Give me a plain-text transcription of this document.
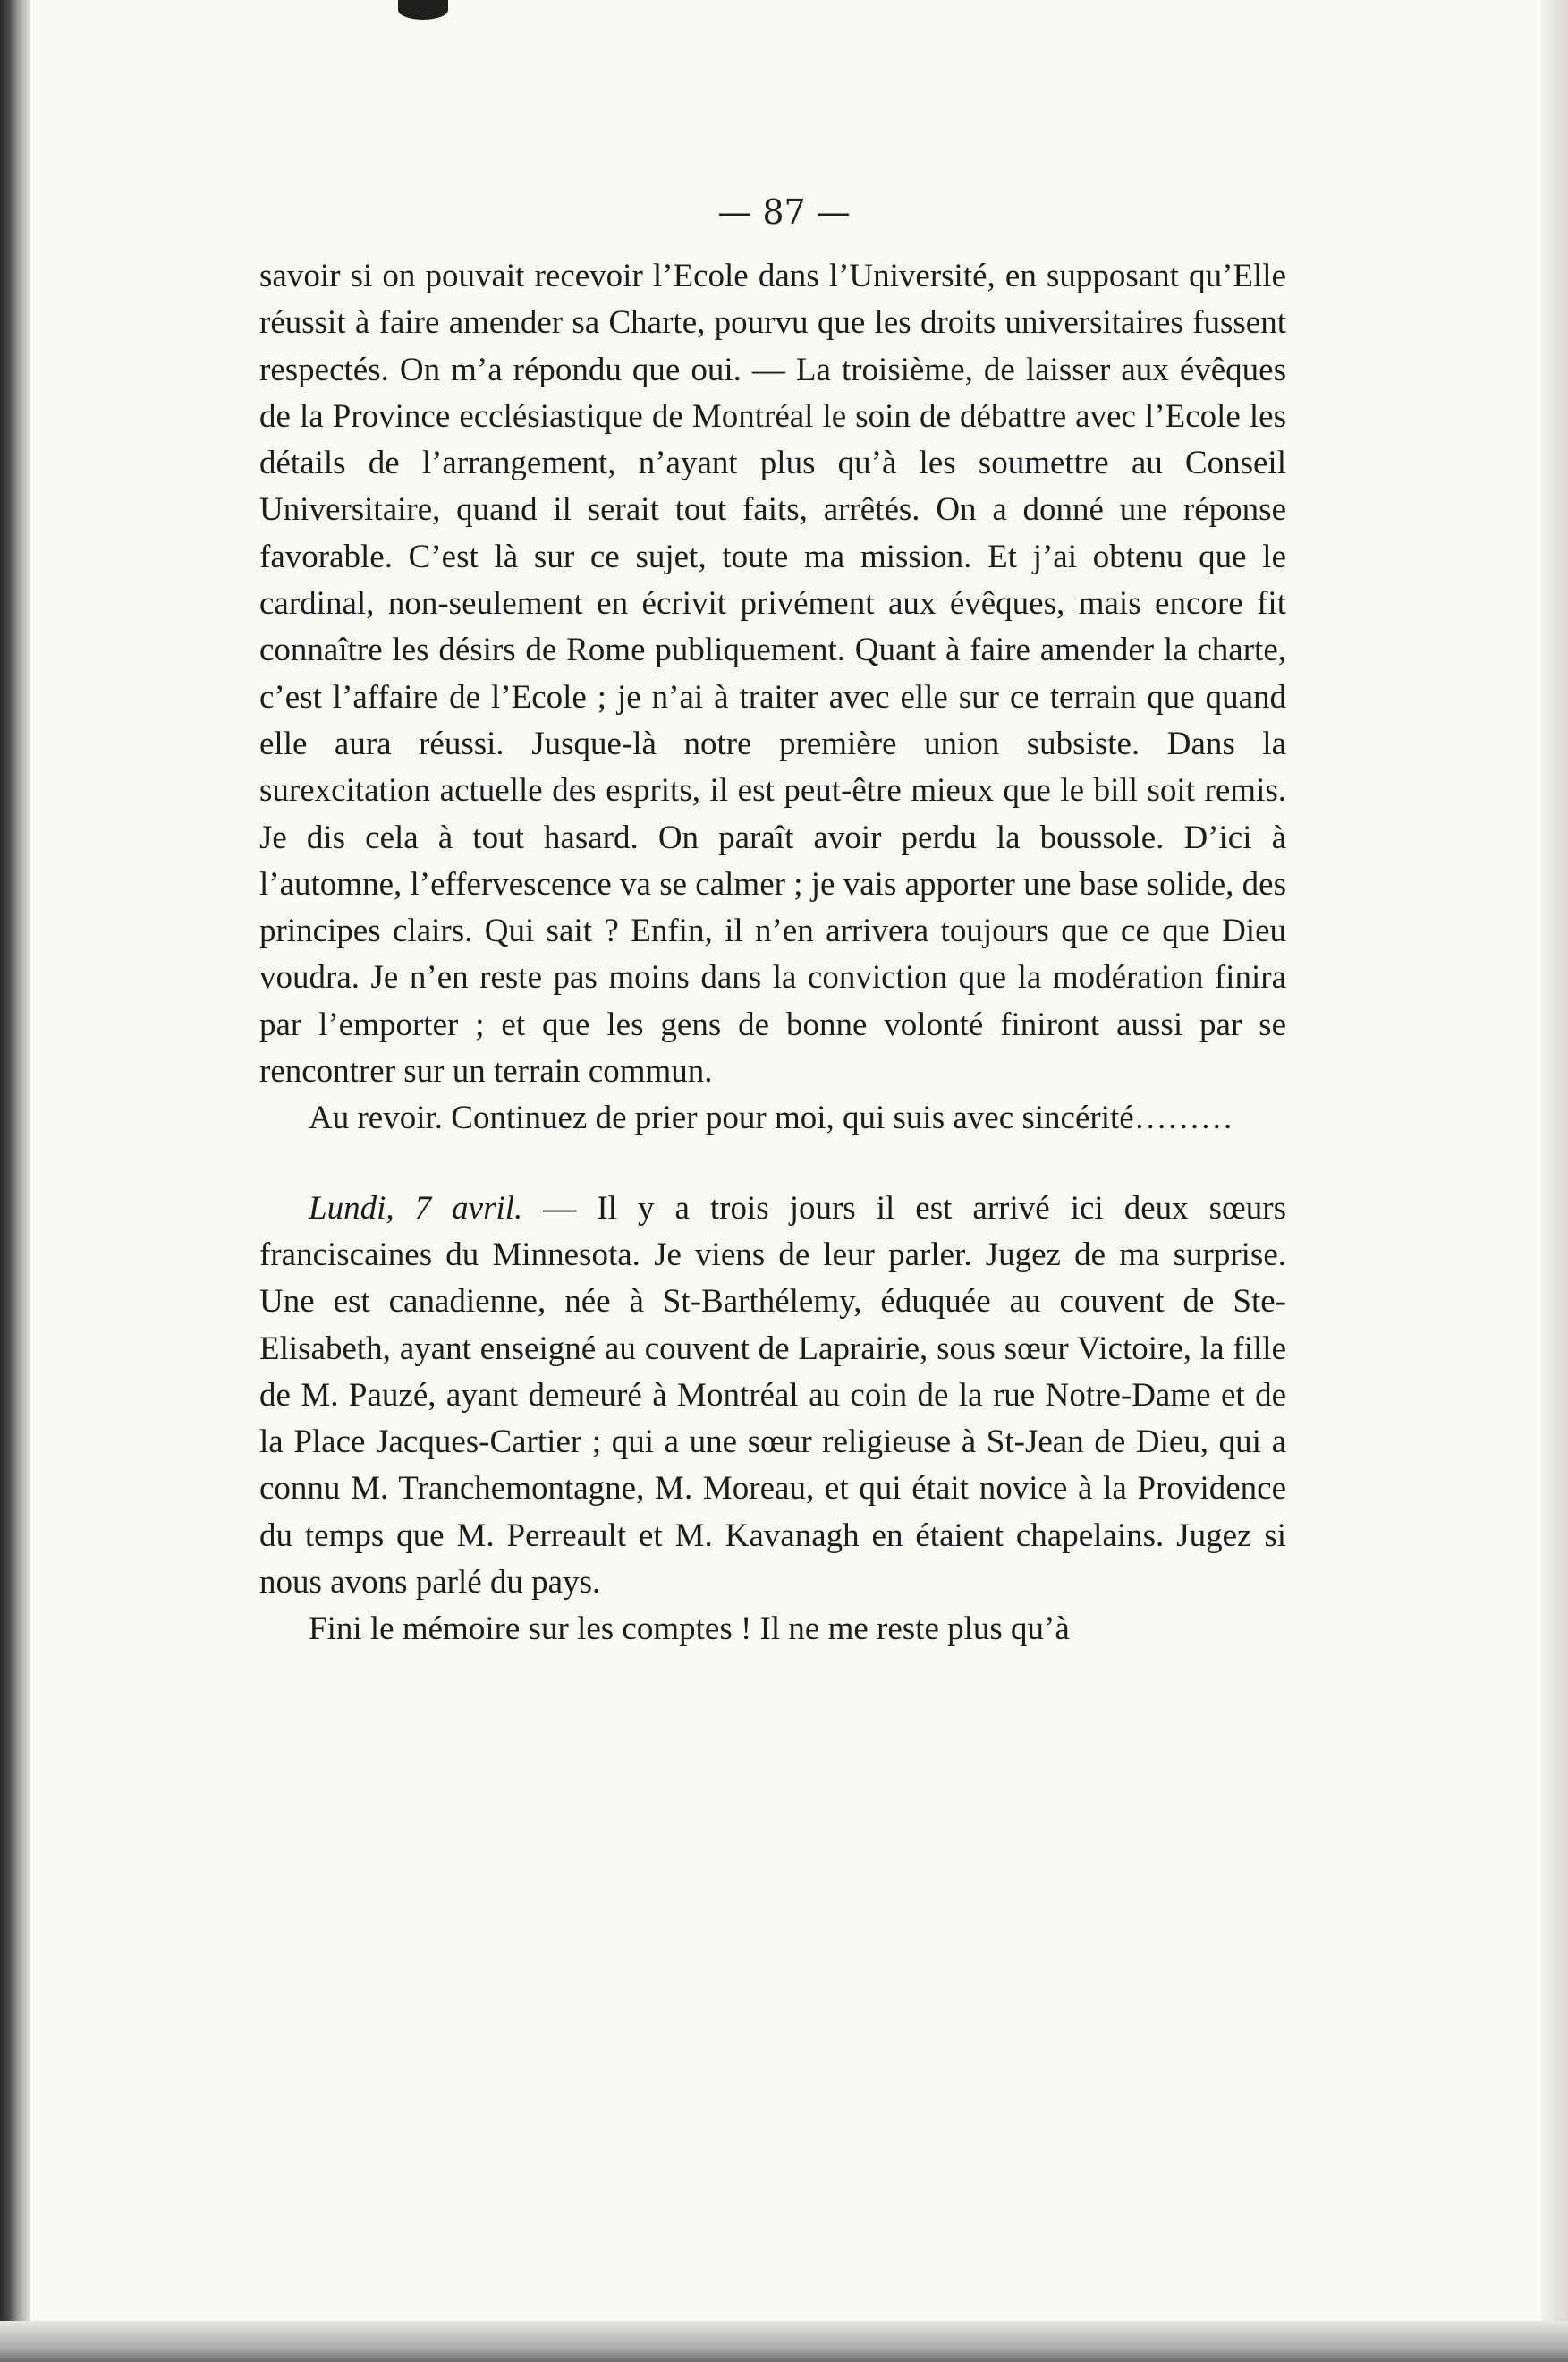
— 87 —

savoir si on pouvait recevoir l’Ecole dans l’Université, en supposant qu’Elle réussit à faire amender sa Charte, pourvu que les droits universitaires fussent respectés. On m’a répondu que oui. — La troisième, de laisser aux évêques de la Province ecclésiastique de Montréal le soin de débattre avec l’Ecole les détails de l’arrangement, n’ayant plus qu’à les soumettre au Conseil Universitaire, quand il serait tout faits, arrêtés. On a donné une réponse favorable. C’est là sur ce sujet, toute ma mission. Et j’ai obtenu que le cardinal, non-seulement en écrivit privément aux évêques, mais encore fit connaître les désirs de Rome publiquement. Quant à faire amender la charte, c’est l’affaire de l’Ecole ; je n’ai à traiter avec elle sur ce terrain que quand elle aura réussi. Jusque-là notre première union subsiste. Dans la surexcitation actuelle des esprits, il est peut-être mieux que le bill soit remis. Je dis cela à tout hasard. On paraît avoir perdu la boussole. D’ici à l’automne, l’effervescence va se calmer ; je vais apporter une base solide, des principes clairs. Qui sait ? Enfin, il n’en arrivera toujours que ce que Dieu voudra. Je n’en reste pas moins dans la conviction que la modération finira par l’emporter ; et que les gens de bonne volonté finiront aussi par se rencontrer sur un terrain commun.

Au revoir. Continuez de prier pour moi, qui suis avec sincérité………

Lundi, 7 avril. — Il y a trois jours il est arrivé ici deux sœurs franciscaines du Minnesota. Je viens de leur parler. Jugez de ma surprise. Une est canadienne, née à St-Barthélemy, éduquée au couvent de Ste-Elisabeth, ayant enseigné au couvent de Laprairie, sous sœur Victoire, la fille de M. Pauzé, ayant demeuré à Montréal au coin de la rue Notre-Dame et de la Place Jacques-Cartier ; qui a une sœur religieuse à St-Jean de Dieu, qui a connu M. Tranchemontagne, M. Moreau, et qui était novice à la Providence du temps que M. Perreault et M. Kavanagh en étaient chapelains. Jugez si nous avons parlé du pays.

Fini le mémoire sur les comptes ! Il ne me reste plus qu’à
